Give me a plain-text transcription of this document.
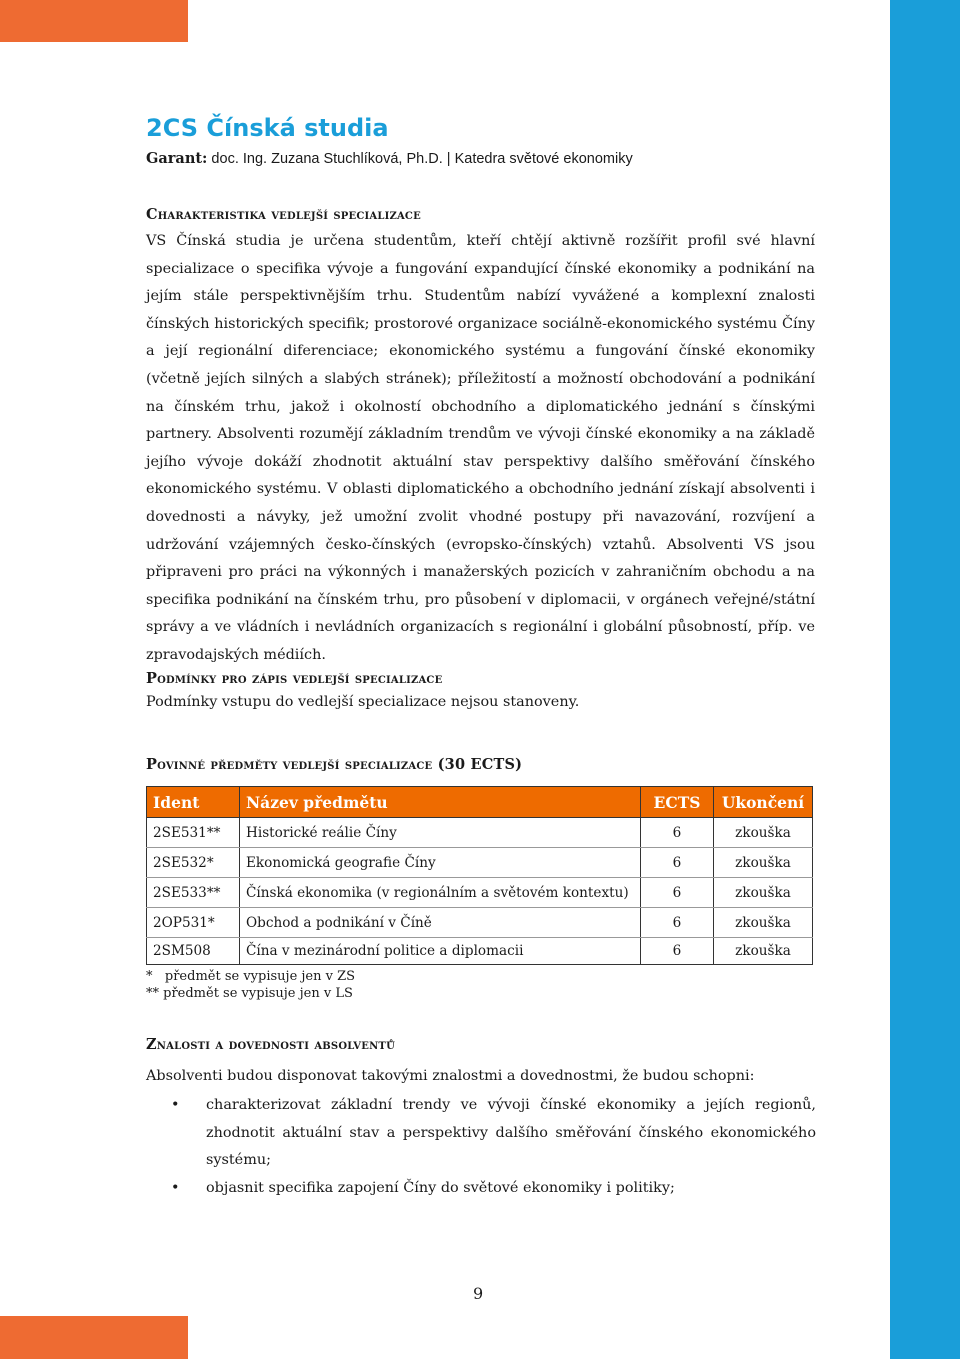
2CS Čínská studia
Garant: doc. Ing. Zuzana Stuchlíková, Ph.D. | Katedra světové ekonomiky
Charakteristika vedlejší specializace

VS Čínská studia je určena studentům, kteří chtějí aktivně rozšířit profil své hlavní specializace o specifika vývoje a fungování expandující čínské ekonomiky a podnikání na jejím stále perspektivnějším trhu. Studentům nabízí vyvážené a komplexní znalosti čínských historických specifik; prostorové organizace sociálně-ekonomického systému Číny a její regionální diferenciace; ekonomického systému a fungování čínské ekonomiky (včetně jejích silných a slabých stránek); příležitostí a možností obchodování a podnikání na čínském trhu, jakož i okolností obchodního a diplomatického jednání s čínskými partnery. Absolventi rozumějí základním trendům ve vývoji čínské ekonomiky a na základě jejího vývoje dokáží zhodnotit aktuální stav perspektivy dalšího směřování čínského ekonomického systému. V oblasti diplomatického a obchodního jednání získají absolventi i dovednosti a návyky, jež umožní zvolit vhodné postupy při navazování, rozvíjení a udržování vzájemných česko-čínských (evropsko-čínských) vztahů. Absolventi VS jsou připraveni pro práci na výkonných i manažerských pozicích v zahraničním obchodu a na specifika podnikání na čínském trhu, pro působení v diplomacii, v orgánech veřejné/státní správy a ve vládních i nevládních organizacích s regionální i globální působností, příp. ve zpravodajských médiích.

Podmínky pro zápis vedlejší specializace

Podmínky vstupu do vedlejší specializace nejsou stanoveny.

Povinné předměty vedlejší specializace (30 ECTS)
Ident	Název předmětu	ECTS	Ukončení
2SE531**	Historické reálie Číny	6	zkouška
2SE532*	Ekonomická geografie Číny	6	zkouška
2SE533**	Čínská ekonomika (v regionálním a světovém kontextu)	6	zkouška
2OP531*	Obchod a podnikání v Číně	6	zkouška
2SM508	Čína v mezinárodní politice a diplomacii	6	zkouška
*   předmět se vypisuje jen v ZS
** předmět se vypisuje jen v LS
Znalosti a dovednosti absolventů

Absolventi budou disponovat takovými znalostmi a dovednostmi, že budou schopni:

• charakterizovat základní trendy ve vývoji čínské ekonomiky a jejích regionů, zhodnotit aktuální stav a perspektivy dalšího směřování čínského ekonomického systému;
• objasnit specifika zapojení Číny do světové ekonomiky i politiky;
9
